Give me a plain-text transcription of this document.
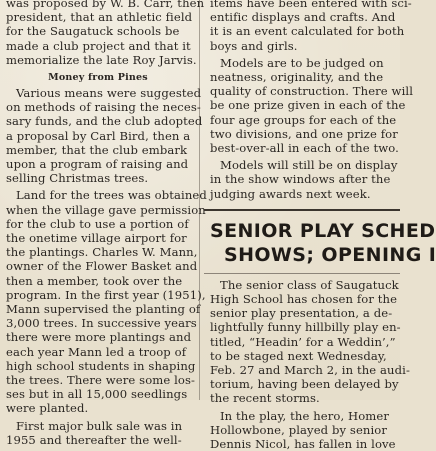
was proposed by W. B. Carr, then
president, that an athletic field
for the Saugatuck schools be
made a club project and that it
memorialize the late Roy Jarvis.
Money from Pines
Various means were suggested
on methods of raising the neces-
sary funds, and the club adopted
a proposal by Carl Bird, then a
member, that the club embark
upon a program of raising and
selling Christmas trees.
Land for the trees was obtained
when the village gave permission
for the club to use a portion of
the onetime village airport for
the plantings. Charles W. Mann,
owner of the Flower Basket and
then a member, took over the
program. In the first year (1951),
Mann supervised the planting of
3,000 trees. In successive years
there were more plantings and
each year Mann led a troop of
high school students in shaping
the trees. There were some los-
ses but in all 15,000 seedlings
were planted.
First major bulk sale was in
1955 and thereafter the well-
items have been entered with sci-
entific displays and crafts. And
it is an event calculated for both
boys and girls.
Models are to be judged on
neatness, originality, and the
quality of construction. There will
be one prize given in each of the
four age groups for each of the
two divisions, and one prize for
best-over-all in each of the two.
Models will still be on display
in the show windows after the
judging awards next week.
SENIOR PLAY SCHED
SHOWS; OPENING I
The senior class of Saugatuck
High School has chosen for the
senior play presentation, a de-
lightfully funny hillbilly play en-
titled, “Headin’ for a Weddin’,”
to be staged next Wednesday,
Feb. 27 and March 2, in the audi-
torium, having been delayed by
the recent storms.
In the play, the hero, Homer
Hollowbone, played by senior
Dennis Nicol, has fallen in love
